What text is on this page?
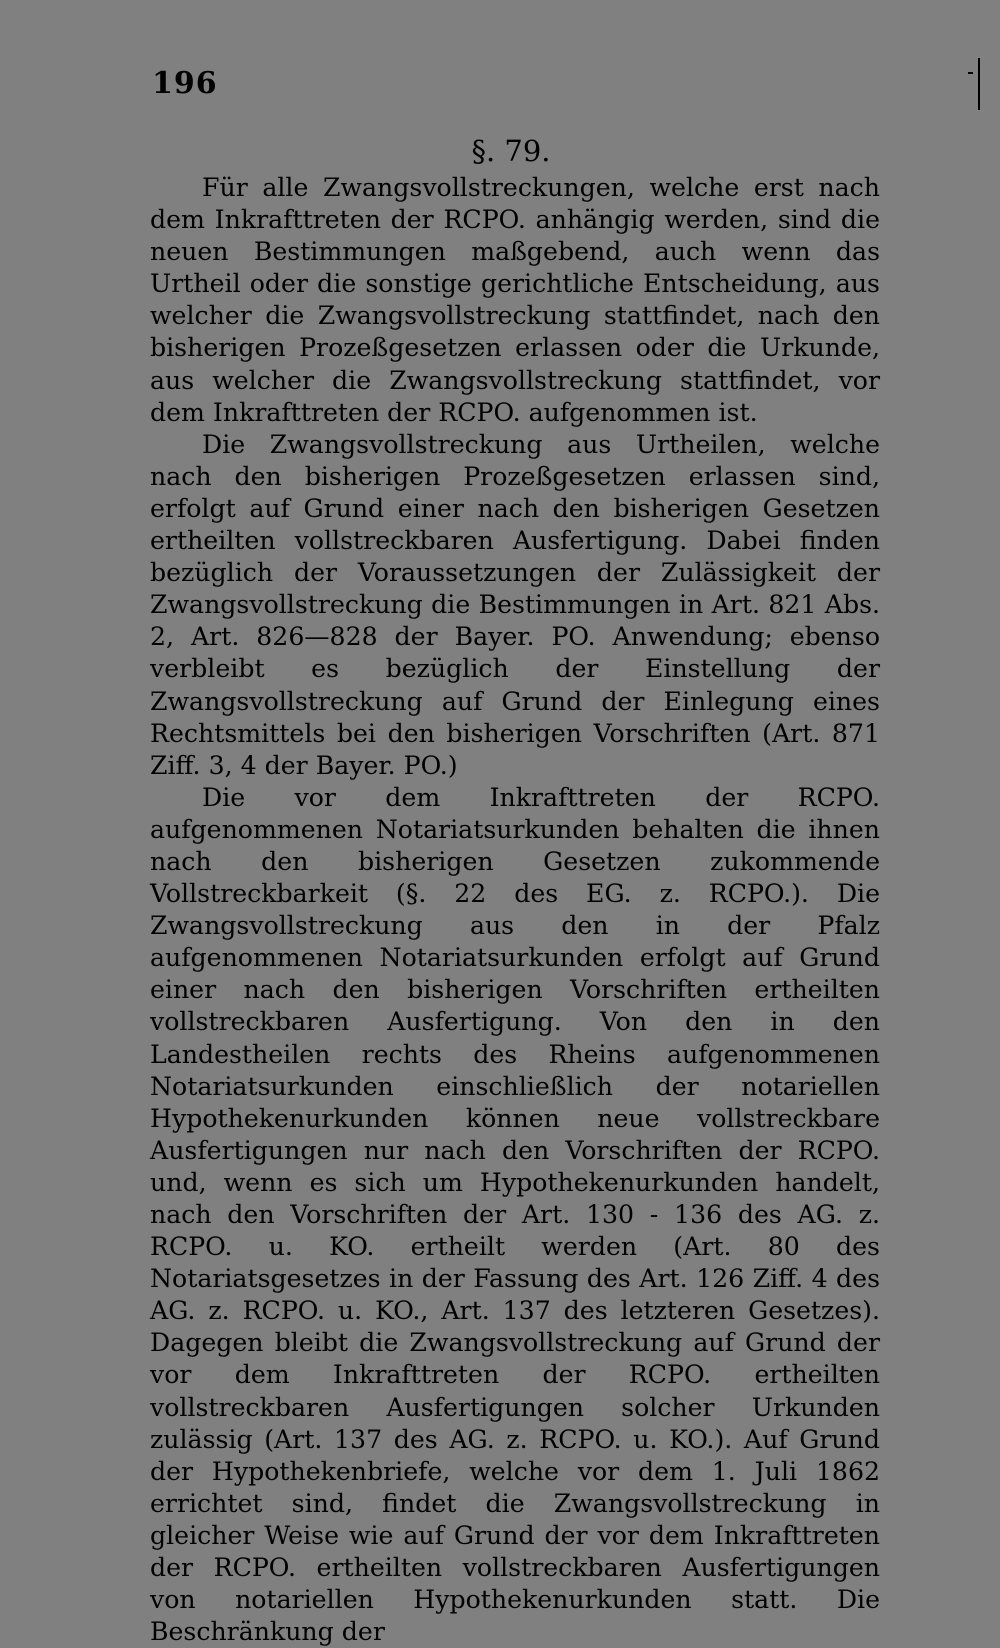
196
§. 79.

Für alle Zwangsvollstreckungen, welche erst nach dem Inkrafttreten der RCPO. anhängig werden, sind die neuen Bestimmungen maßgebend, auch wenn das Urtheil oder die sonstige gerichtliche Entscheidung, aus welcher die Zwangsvollstreckung stattfindet, nach den bisherigen Prozeßgesetzen erlassen oder die Urkunde, aus welcher die Zwangsvollstreckung stattfindet, vor dem Inkrafttreten der RCPO. aufgenommen ist.

Die Zwangsvollstreckung aus Urtheilen, welche nach den bisherigen Prozeßgesetzen erlassen sind, erfolgt auf Grund einer nach den bisherigen Gesetzen ertheilten vollstreckbaren Ausfertigung. Dabei finden bezüglich der Voraussetzungen der Zulässigkeit der Zwangsvollstreckung die Bestimmungen in Art. 821 Abs. 2, Art. 826—828 der Bayer. PO. Anwendung; ebenso verbleibt es bezüglich der Einstellung der Zwangsvollstreckung auf Grund der Einlegung eines Rechtsmittels bei den bisherigen Vorschriften (Art. 871 Ziff. 3, 4 der Bayer. PO.)

Die vor dem Inkrafttreten der RCPO. aufgenommenen Notariatsurkunden behalten die ihnen nach den bisherigen Gesetzen zukommende Vollstreckbarkeit (§. 22 des EG. z. RCPO.). Die Zwangsvollstreckung aus den in der Pfalz aufgenommenen Notariatsurkunden erfolgt auf Grund einer nach den bisherigen Vorschriften ertheilten vollstreckbaren Ausfertigung. Von den in den Landestheilen rechts des Rheins aufgenommenen Notariatsurkunden einschließlich der notariellen Hypothekenurkunden können neue vollstreckbare Ausfertigungen nur nach den Vorschriften der RCPO. und, wenn es sich um Hypothekenurkunden handelt, nach den Vorschriften der Art. 130 - 136 des AG. z. RCPO. u. KO. ertheilt werden (Art. 80 des Notariatsgesetzes in der Fassung des Art. 126 Ziff. 4 des AG. z. RCPO. u. KO., Art. 137 des letzteren Gesetzes). Dagegen bleibt die Zwangsvollstreckung auf Grund der vor dem Inkrafttreten der RCPO. ertheilten vollstreckbaren Ausfertigungen solcher Urkunden zulässig (Art. 137 des AG. z. RCPO. u. KO.). Auf Grund der Hypothekenbriefe, welche vor dem 1. Juli 1862 errichtet sind, findet die Zwangsvollstreckung in gleicher Weise wie auf Grund der vor dem Inkrafttreten der RCPO. ertheilten vollstreckbaren Ausfertigungen von notariellen Hypothekenurkunden statt. Die Beschränkung der
